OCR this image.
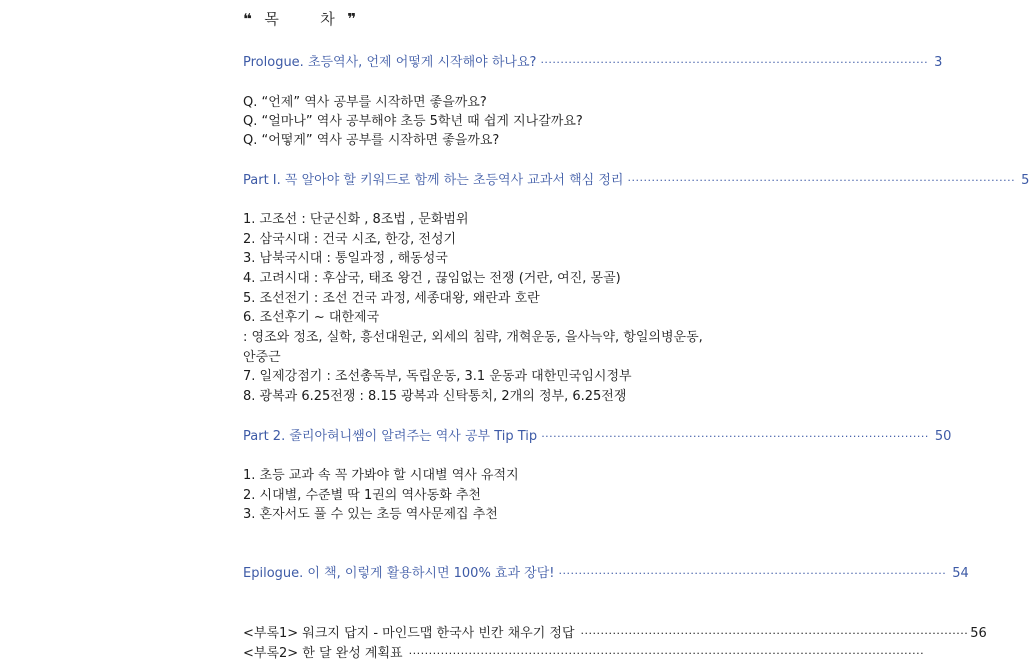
❝ 목       차 ❞
Prologue. 초등역사, 언제 어떻게 시작해야 하나요? ································································································· 3
Q. “언제” 역사 공부를 시작하면 좋을까요?
Q. “얼마나” 역사 공부해야 초등 5학년 때 쉽게 지나갈까요?
Q. “어떻게” 역사 공부를 시작하면 좋을까요?
Part Ⅰ. 꼭 알아야 할 키워드로 함께 하는 초등역사 교과서 핵심 정리 ································································································· 5
1. 고조선 : 단군신화 , 8조법 , 문화범위
2. 삼국시대 : 건국 시조, 한강, 전성기
3. 남북국시대 : 통일과정 , 해동성국
4. 고려시대 : 후삼국, 태조 왕건 , 끊임없는 전쟁 (거란, 여진, 몽골)
5. 조선전기 : 조선 건국 과정, 세종대왕, 왜란과 호란
6. 조선후기 ~ 대한제국
: 영조와 정조, 실학, 흥선대원군, 외세의 침략, 개혁운동, 을사늑약, 항일의병운동,
안중근
7. 일제강점기 : 조선총독부, 독립운동, 3.1 운동과 대한민국임시정부
8. 광복과 6.25전쟁 : 8.15 광복과 신탁통치, 2개의 정부, 6.25전쟁
Part 2. 줄리아혀니쌤이 알려주는 역사 공부 Tip Tip ································································································· 50
1. 초등 교과 속 꼭 가봐야 할 시대별 역사 유적지
2. 시대별, 수준별 딱 1권의 역사동화 추천
3. 혼자서도 풀 수 있는 초등 역사문제집 추천
Epilogue. 이 책, 이렇게 활용하시면 100% 효과 장담! ································································································· 54
<부록1> 워크지 답지 - 마인드맵 한국사 빈칸 채우기 정답 ································································································· 56
<부록2> 한 달 완성 계획표 ·································································································································
